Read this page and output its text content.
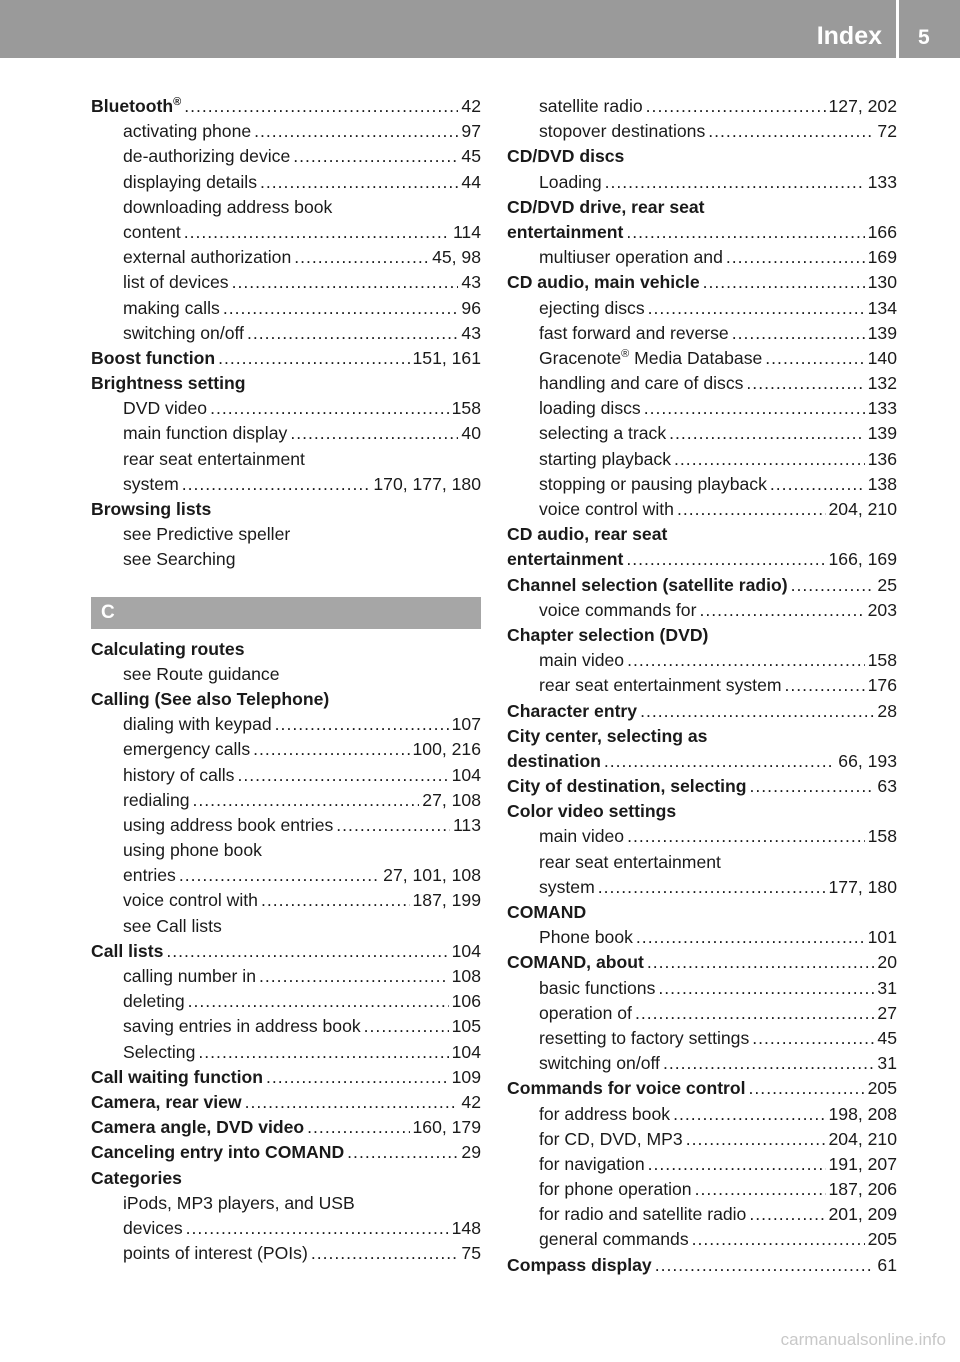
Index 5
Bluetooth® .....	42
activating phone .....	97
de-authorizing device .....	45
displaying details .....	44
downloading address book
content .....	114
external authorization .....	45, 98
list of devices .....	43
making calls .....	96
switching on/off .....	43
Boost function .....	151, 161
Brightness setting
DVD video .....	158
main function display .....	40
rear seat entertainment
system .....	170, 177, 180
Browsing lists
see Predictive speller
see Searching
C
Calculating routes
see Route guidance
Calling (See also Telephone)
dialing with keypad .....	107
emergency calls .....	100, 216
history of calls .....	104
redialing .....	27, 108
using address book entries .....	113
using phone book
entries .....	27, 101, 108
voice control with .....	187, 199
see Call lists
Call lists .....	104
calling number in .....	108
deleting .....	106
saving entries in address book .....	105
Selecting .....	104
Call waiting function .....	109
Camera, rear view .....	42
Camera angle, DVD video .....	160, 179
Canceling entry into COMAND .....	29
Categories
iPods, MP3 players, and USB
devices .....	148
points of interest (POIs) .....	75
satellite radio .....	127, 202
stopover destinations .....	72
CD/DVD discs
Loading .....	133
CD/DVD drive, rear seat
entertainment .....	166
multiuser operation and .....	169
CD audio, main vehicle .....	130
ejecting discs .....	134
fast forward and reverse .....	139
Gracenote® Media Database .....	140
handling and care of discs .....	132
loading discs .....	133
selecting a track .....	139
starting playback .....	136
stopping or pausing playback .....	138
voice control with .....	204, 210
CD audio, rear seat
entertainment .....	166, 169
Channel selection (satellite radio) .....	25
voice commands for .....	203
Chapter selection (DVD)
main video .....	158
rear seat entertainment system .....	176
Character entry .....	28
City center, selecting as
destination .....	66, 193
City of destination, selecting .....	63
Color video settings
main video .....	158
rear seat entertainment
system .....	177, 180
COMAND
Phone book .....	101
COMAND, about .....	20
basic functions .....	31
operation of .....	27
resetting to factory settings .....	45
switching on/off .....	31
Commands for voice control .....	205
for address book .....	198, 208
for CD, DVD, MP3 .....	204, 210
for navigation .....	191, 207
for phone operation .....	187, 206
for radio and satellite radio .....	201, 209
general commands .....	205
Compass display .....	61
carmanualsonline.info
